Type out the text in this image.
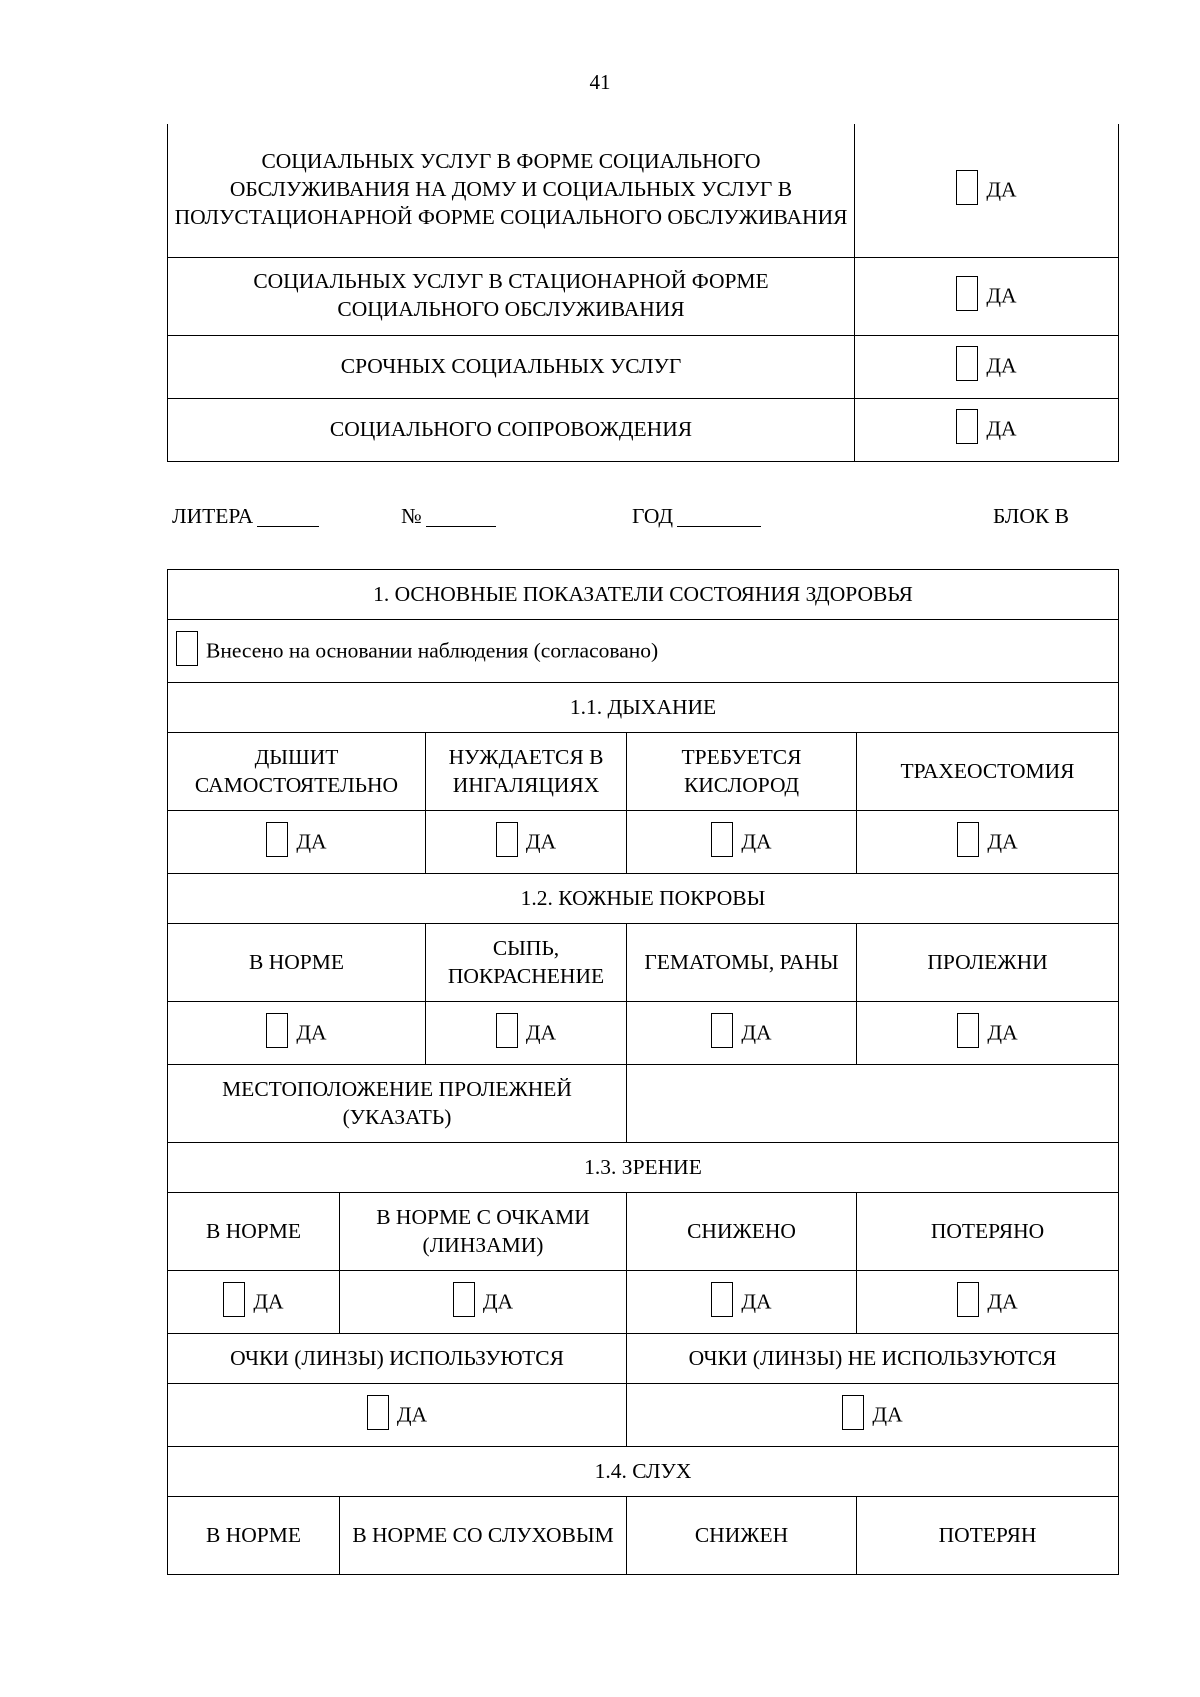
41
СОЦИАЛЬНЫХ УСЛУГ В ФОРМЕ СОЦИАЛЬНОГО ОБСЛУЖИВАНИЯ НА ДОМУ И СОЦИАЛЬНЫХ УСЛУГ В ПОЛУСТАЦИОНАРНОЙ ФОРМЕ СОЦИАЛЬНОГО ОБСЛУЖИВАНИЯ	ДА
СОЦИАЛЬНЫХ УСЛУГ В СТАЦИОНАРНОЙ ФОРМЕ СОЦИАЛЬНОГО ОБСЛУЖИВАНИЯ	ДА
СРОЧНЫХ СОЦИАЛЬНЫХ УСЛУГ	ДА
СОЦИАЛЬНОГО СОПРОВОЖДЕНИЯ	ДА
ЛИТЕРА	№	ГОД	БЛОК В
1. ОСНОВНЫЕ ПОКАЗАТЕЛИ СОСТОЯНИЯ ЗДОРОВЬЯ				
Внесено на основании наблюдения (согласовано)				
1.1. ДЫХАНИЕ				
ДЫШИТ САМОСТОЯТЕЛЬНО		НУЖДАЕТСЯ В ИНГАЛЯЦИЯХ	ТРЕБУЕТСЯ КИСЛОРОД	ТРАХЕОСТОМИЯ
ДА		ДА	ДА	ДА
1.2. КОЖНЫЕ ПОКРОВЫ				
В НОРМЕ		СЫПЬ, ПОКРАСНЕНИЕ	ГЕМАТОМЫ, РАНЫ	ПРОЛЕЖНИ
ДА		ДА	ДА	ДА
МЕСТОПОЛОЖЕНИЕ ПРОЛЕЖНЕЙ (УКАЗАТЬ)				
1.3. ЗРЕНИЕ				
В НОРМЕ	В НОРМЕ С ОЧКАМИ (ЛИНЗАМИ)		СНИЖЕНО	ПОТЕРЯНО
ДА	ДА		ДА	ДА
ОЧКИ (ЛИНЗЫ) ИСПОЛЬЗУЮТСЯ			ОЧКИ (ЛИНЗЫ) НЕ ИСПОЛЬЗУЮТСЯ	
ДА			ДА	
1.4. СЛУХ				
В НОРМЕ	В НОРМЕ СО СЛУХОВЫМ		СНИЖЕН	ПОТЕРЯН
